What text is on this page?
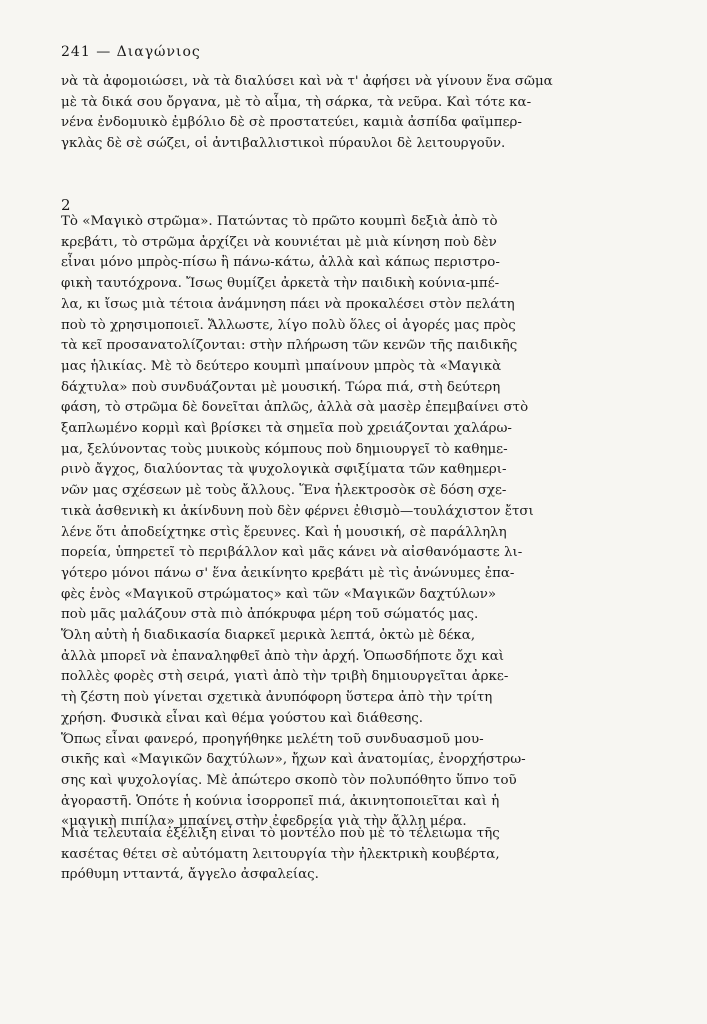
241 — Διαγώνιος
νὰ τὰ ἀφομοιώσει, νὰ τὰ διαλύσει καὶ νὰ τ' ἀφήσει νὰ γίνουν ἕνα σῶμα
μὲ τὰ δικά σου ὄργανα, μὲ τὸ αἷμα, τὴ σάρκα, τὰ νεῦρα. Καὶ τότε κα-
νένα ἐνδομυικὸ ἐμβόλιο δὲ σὲ προστατεύει, καμιὰ ἀσπίδα φαϊμπερ-
γκλὰς δὲ σὲ σώζει, οἱ ἀντιβαλλιστικοὶ πύραυλοι δὲ λειτουργοῦν.
2
Τὸ «Μαγικὸ στρῶμα». Πατώντας τὸ πρῶτο κουμπὶ δεξιὰ ἀπὸ τὸ
κρεβάτι, τὸ στρῶμα ἀρχίζει νὰ κουνιέται μὲ μιὰ κίνηση ποὺ δὲν
εἶναι μόνο μπρὸς-πίσω ἢ πάνω-κάτω, ἀλλὰ καὶ κάπως περιστρο-
φικὴ ταυτόχρονα. Ἴσως θυμίζει ἀρκετὰ τὴν παιδικὴ κούνια-μπέ-
λα, κι ἴσως μιὰ τέτοια ἀνάμνηση πάει νὰ προκαλέσει στὸν πελάτη
ποὺ τὸ χρησιμοποιεῖ. Ἄλλωστε, λίγο πολὺ ὅλες οἱ ἀγορές μας πρὸς
τὰ κεῖ προσανατολίζονται: στὴν πλήρωση τῶν κενῶν τῆς παιδικῆς
μας ἡλικίας. Μὲ τὸ δεύτερο κουμπὶ μπαίνουν μπρὸς τὰ «Μαγικὰ
δάχτυλα» ποὺ συνδυάζονται μὲ μουσική. Τώρα πιά, στὴ δεύτερη
φάση, τὸ στρῶμα δὲ δονεῖται ἁπλῶς, ἀλλὰ σὰ μασὲρ ἐπεμβαίνει στὸ
ξαπλωμένο κορμὶ καὶ βρίσκει τὰ σημεῖα ποὺ χρειάζονται χαλάρω-
μα, ξελύνοντας τοὺς μυικοὺς κόμπους ποὺ δημιουργεῖ τὸ καθημε-
ρινὸ ἄγχος, διαλύοντας τὰ ψυχολογικὰ σφιξίματα τῶν καθημερι-
νῶν μας σχέσεων μὲ τοὺς ἄλλους. Ἕνα ἠλεκτροσὸκ σὲ δόση σχε-
τικὰ ἀσθενικὴ κι ἀκίνδυνη ποὺ δὲν φέρνει ἐθισμὸ—τουλάχιστον ἔτσι
λένε ὅτι ἀποδείχτηκε στὶς ἔρευνες. Καὶ ἡ μουσική, σὲ παράλληλη
πορεία, ὑπηρετεῖ τὸ περιβάλλον καὶ μᾶς κάνει νὰ αἰσθανόμαστε λι-
γότερο μόνοι πάνω σ' ἕνα ἀεικίνητο κρεβάτι μὲ τὶς ἀνώνυμες ἐπα-
φὲς ἑνὸς «Μαγικοῦ στρώματος» καὶ τῶν «Μαγικῶν δαχτύλων»
ποὺ μᾶς μαλάζουν στὰ πιὸ ἀπόκρυφα μέρη τοῦ σώματός μας.
Ὅλη αὐτὴ ἡ διαδικασία διαρκεῖ μερικὰ λεπτά, ὀκτὼ μὲ δέκα,
ἀλλὰ μπορεῖ νὰ ἐπαναληφθεῖ ἀπὸ τὴν ἀρχή. Ὁπωσδήποτε ὄχι καὶ
πολλὲς φορὲς στὴ σειρά, γιατὶ ἀπὸ τὴν τριβὴ δημιουργεῖται ἀρκε-
τὴ ζέστη ποὺ γίνεται σχετικὰ ἀνυπόφορη ὕστερα ἀπὸ τὴν τρίτη
χρήση. Φυσικὰ εἶναι καὶ θέμα γούστου καὶ διάθεσης.
Ὅπως εἶναι φανερό, προηγήθηκε μελέτη τοῦ συνδυασμοῦ μου-
σικῆς καὶ «Μαγικῶν δαχτύλων», ἤχων καὶ ἀνατομίας, ἐνορχήστρω-
σης καὶ ψυχολογίας. Μὲ ἀπώτερο σκοπὸ τὸν πολυπόθητο ὕπνο τοῦ
ἀγοραστῆ. Ὁπότε ἡ κούνια ἰσορροπεῖ πιά, ἀκινητοποιεῖται καὶ ἡ
«μαγικὴ πιπίλα» μπαίνει στὴν ἐφεδρεία γιὰ τὴν ἄλλη μέρα.
Μιὰ τελευταία ἐξέλιξη εἶναι τὸ μοντέλο ποὺ μὲ τὸ τέλειωμα τῆς
κασέτας θέτει σὲ αὐτόματη λειτουργία τὴν ἠλεκτρικὴ κουβέρτα,
πρόθυμη ντταντά, ἄγγελο ἀσφαλείας.
